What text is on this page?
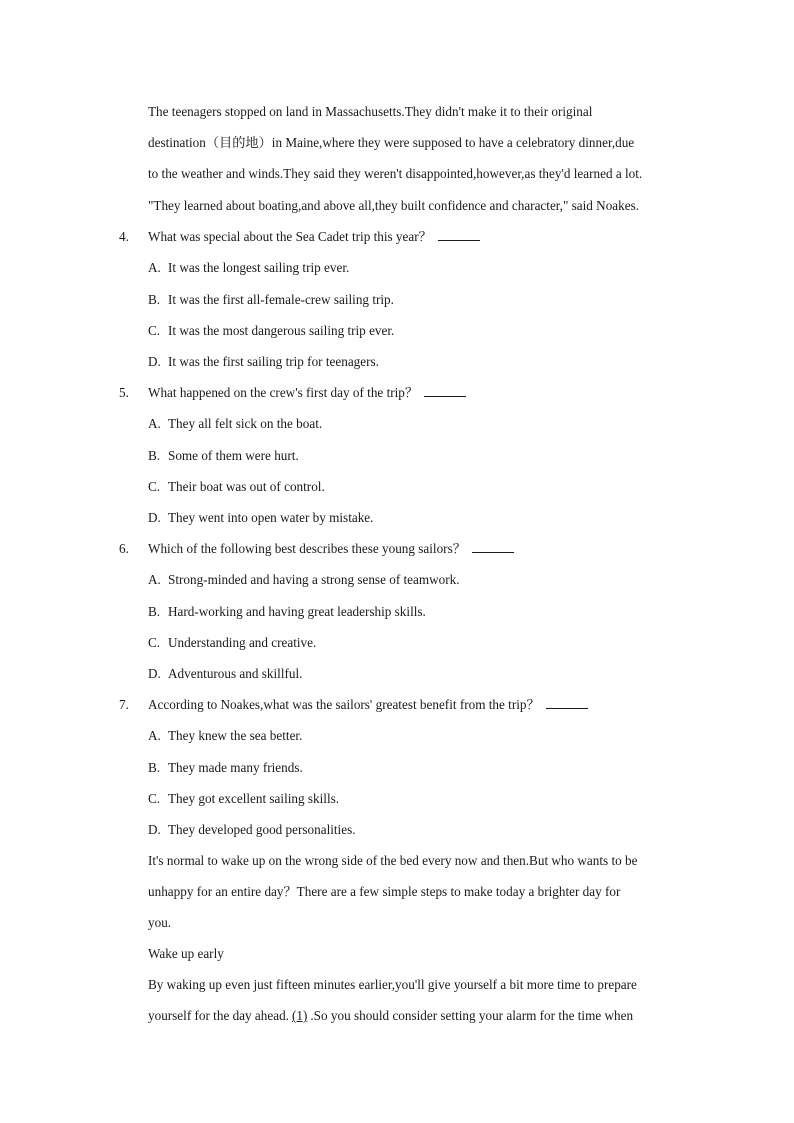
The teenagers stopped on land in Massachusetts.They didn't make it to their original
destination（目的地）in Maine,where they were supposed to have a celebratory dinner,due
to the weather and winds.They said they weren't disappointed,however,as they'd learned a lot.
"They learned about boating,and above all,they built confidence and character," said Noakes.
4. What was special about the Sea Cadet trip this year？
A. It was the longest sailing trip ever.
B. It was the first all-female-crew sailing trip.
C. It was the most dangerous sailing trip ever.
D. It was the first sailing trip for teenagers.
5. What happened on the crew's first day of the trip？
A. They all felt sick on the boat.
B. Some of them were hurt.
C. Their boat was out of control.
D. They went into open water by mistake.
6. Which of the following best describes these young sailors？
A. Strong-minded and having a strong sense of teamwork.
B. Hard-working and having great leadership skills.
C. Understanding and creative.
D. Adventurous and skillful.
7. According to Noakes,what was the sailors' greatest benefit from the trip？
A. They knew the sea better.
B. They made many friends.
C. They got excellent sailing skills.
D. They developed good personalities.
It's normal to wake up on the wrong side of the bed every now and then.But who wants to be
unhappy for an entire day？There are a few simple steps to make today a brighter day for
you.
Wake up early
By waking up even just fifteen minutes earlier,you'll give yourself a bit more time to prepare
yourself for the day ahead. (1) .So you should consider setting your alarm for the time when
